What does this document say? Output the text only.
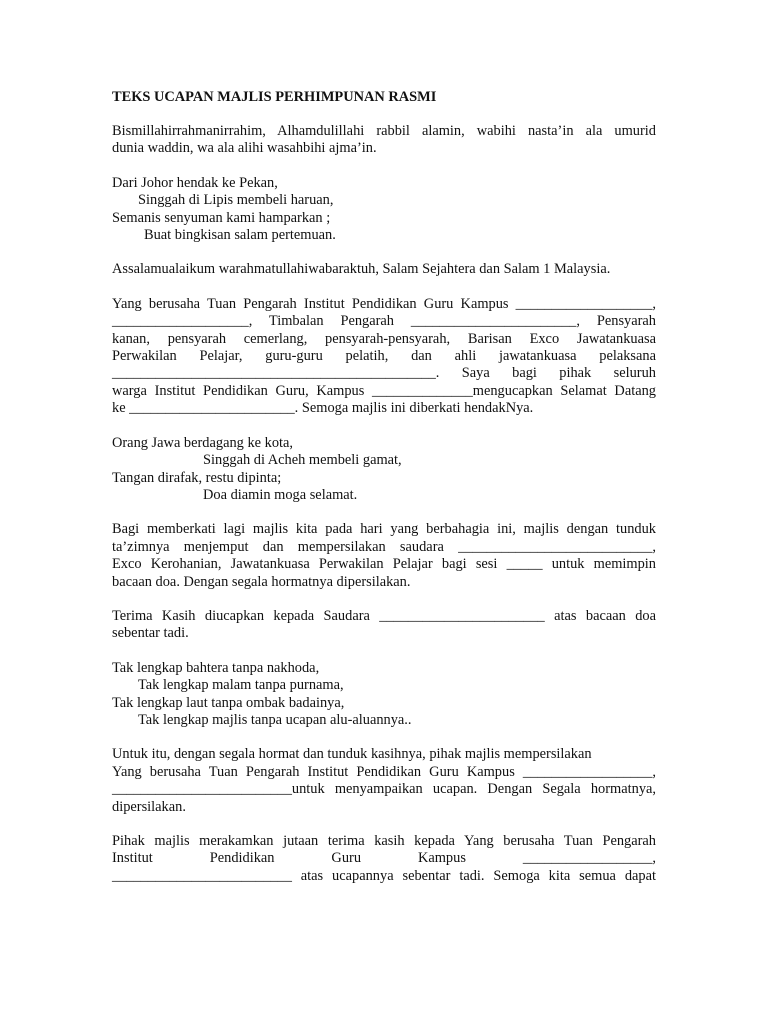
TEKS UCAPAN MAJLIS PERHIMPUNAN RASMI
Bismillahirrahmanirrahim, Alhamdulillahi rabbil alamin, wabihi nasta’in ala umurid
dunia waddin, wa ala alihi wasahbihi ajma’in.
Dari Johor hendak ke Pekan,
Singgah di Lipis membeli haruan,
Semanis senyuman kami hamparkan ;
Buat bingkisan salam pertemuan.
Assalamualaikum warahmatullahiwabaraktuh, Salam Sejahtera dan Salam 1 Malaysia.
Yang berusaha Tuan Pengarah Institut Pendidikan Guru Kampus ___________________,
___________________, Timbalan Pengarah _______________________, Pensyarah
kanan, pensyarah cemerlang, pensyarah-pensyarah, Barisan Exco Jawatankuasa
Perwakilan Pelajar, guru-guru pelatih, dan ahli jawatankuasa pelaksana
_____________________________________________. Saya bagi pihak seluruh
warga Institut Pendidikan Guru, Kampus ______________mengucapkan Selamat Datang
ke _______________________. Semoga majlis ini diberkati hendakNya.
Orang Jawa berdagang ke kota,
Singgah di Acheh membeli gamat,
Tangan dirafak, restu dipinta;
Doa diamin moga selamat.
Bagi memberkati lagi majlis kita pada hari yang berbahagia ini, majlis dengan tunduk
ta’zimnya menjemput dan mempersilakan saudara ___________________________,
Exco Kerohanian, Jawatankuasa Perwakilan Pelajar bagi sesi _____ untuk memimpin
bacaan doa. Dengan segala hormatnya dipersilakan.
Terima Kasih diucapkan kepada Saudara _______________________ atas bacaan doa
sebentar tadi.
Tak lengkap bahtera tanpa nakhoda,
Tak lengkap malam tanpa purnama,
Tak lengkap laut tanpa ombak badainya,
Tak lengkap majlis tanpa ucapan alu-aluannya..
Untuk itu, dengan segala hormat dan tunduk kasihnya, pihak majlis mempersilakan
Yang berusaha Tuan Pengarah Institut Pendidikan Guru Kampus __________________,
_________________________untuk menyampaikan ucapan. Dengan Segala hormatnya,
dipersilakan.
Pihak majlis merakamkan jutaan terima kasih kepada Yang berusaha Tuan Pengarah
Institut Pendidikan Guru Kampus __________________,
_________________________ atas ucapannya sebentar tadi. Semoga kita semua dapat
